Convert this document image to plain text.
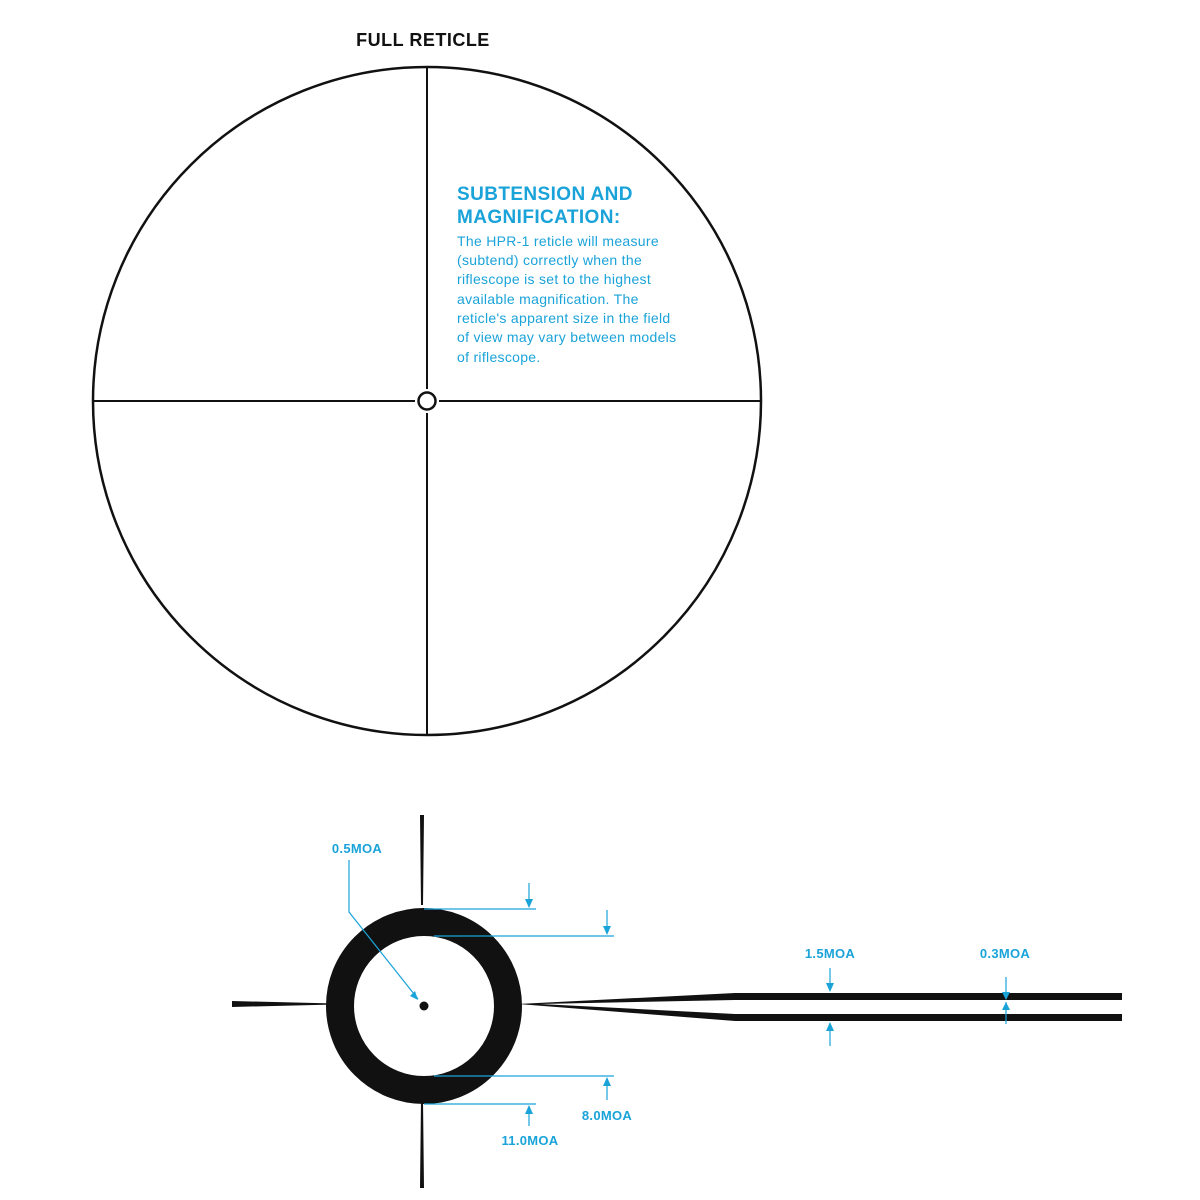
FULL RETICLE
SUBTENSION AND
MAGNIFICATION:
The HPR-1 reticle will measure
(subtend) correctly when the
riflescope is set to the highest
available magnification. The
reticle's apparent size in the field
of view may vary between models
of riflescope.
0.5MOA
1.5MOA	0.3MOA
8.0MOA
11.0MOA
